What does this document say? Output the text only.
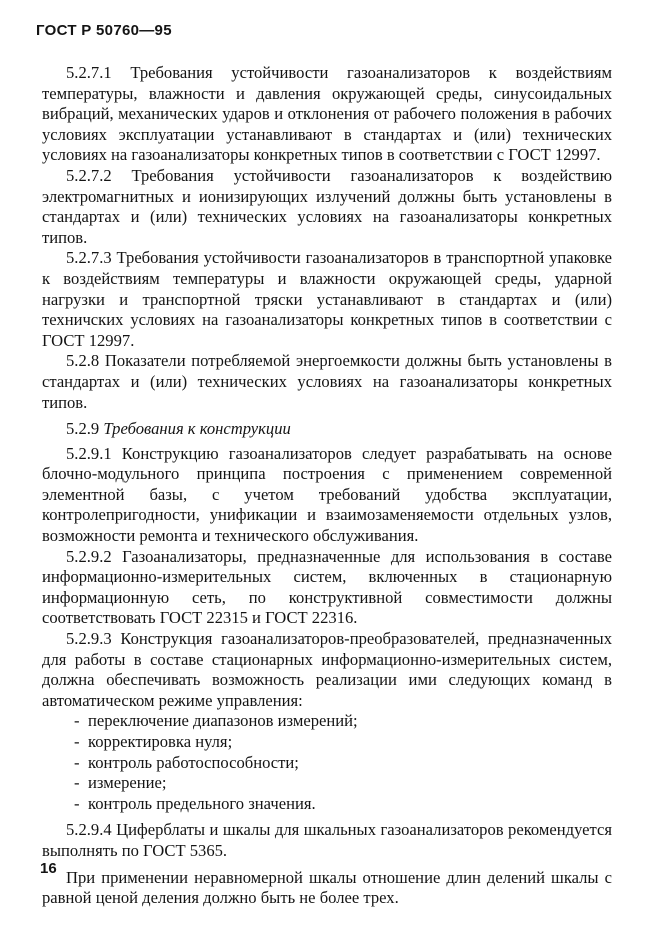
ГОСТ Р 50760—95

5.2.7.1 Требования устойчивости газоанализаторов к воздействиям температуры, влажности и давления окружающей среды, синусоидальных вибраций, механических ударов и отклонения от рабочего положения в рабочих условиях эксплуатации устанавливают в стандартах и (или) технических условиях на газоанализаторы конкретных типов в соответствии с ГОСТ 12997.

5.2.7.2 Требования устойчивости газоанализаторов к воздействию электромагнитных и ионизирующих излучений должны быть установлены в стандартах и (или) технических условиях на газоанализаторы конкретных типов.

5.2.7.3 Требования устойчивости газоанализаторов в транспортной упаковке к воздействиям температуры и влажности окружающей среды, ударной нагрузки и транспортной тряски устанавливают в стандартах и (или) техничских условиях на газоанализаторы конкретных типов в соответствии с ГОСТ 12997.

5.2.8 Показатели потребляемой энергоемкости должны быть установлены в стандартах и (или) технических условиях на газоанализаторы конкретных типов.

5.2.9 Требования к конструкции

5.2.9.1 Конструкцию газоанализаторов следует разрабатывать на основе блочно-модульного принципа построения с применением современной элементной базы, с учетом требований удобства эксплуатации, контролепригодности, унификации и взаимозаменяемости отдельных узлов, возможности ремонта и технического обслуживания.

5.2.9.2 Газоанализаторы, предназначенные для использования в составе информационно-измерительных систем, включенных в стационарную информационную сеть, по конструктивной совместимости должны соответствовать ГОСТ 22315 и ГОСТ 22316.

5.2.9.3 Конструкция газоанализаторов-преобразователей, предназначенных для работы в составе стационарных информационно-измерительных систем, должна обеспечивать возможность реализации ими следующих команд в автоматическом режиме управления:

- переключение диапазонов измерений;
- корректировка нуля;
- контроль работоспособности;
- измерение;
- контроль предельного значения.

5.2.9.4 Циферблаты и шкалы для шкальных газоанализаторов рекомендуется выполнять по ГОСТ 5365.

При применении неравномерной шкалы отношение длин делений шкалы с равной ценой деления должно быть не более трех.

16
